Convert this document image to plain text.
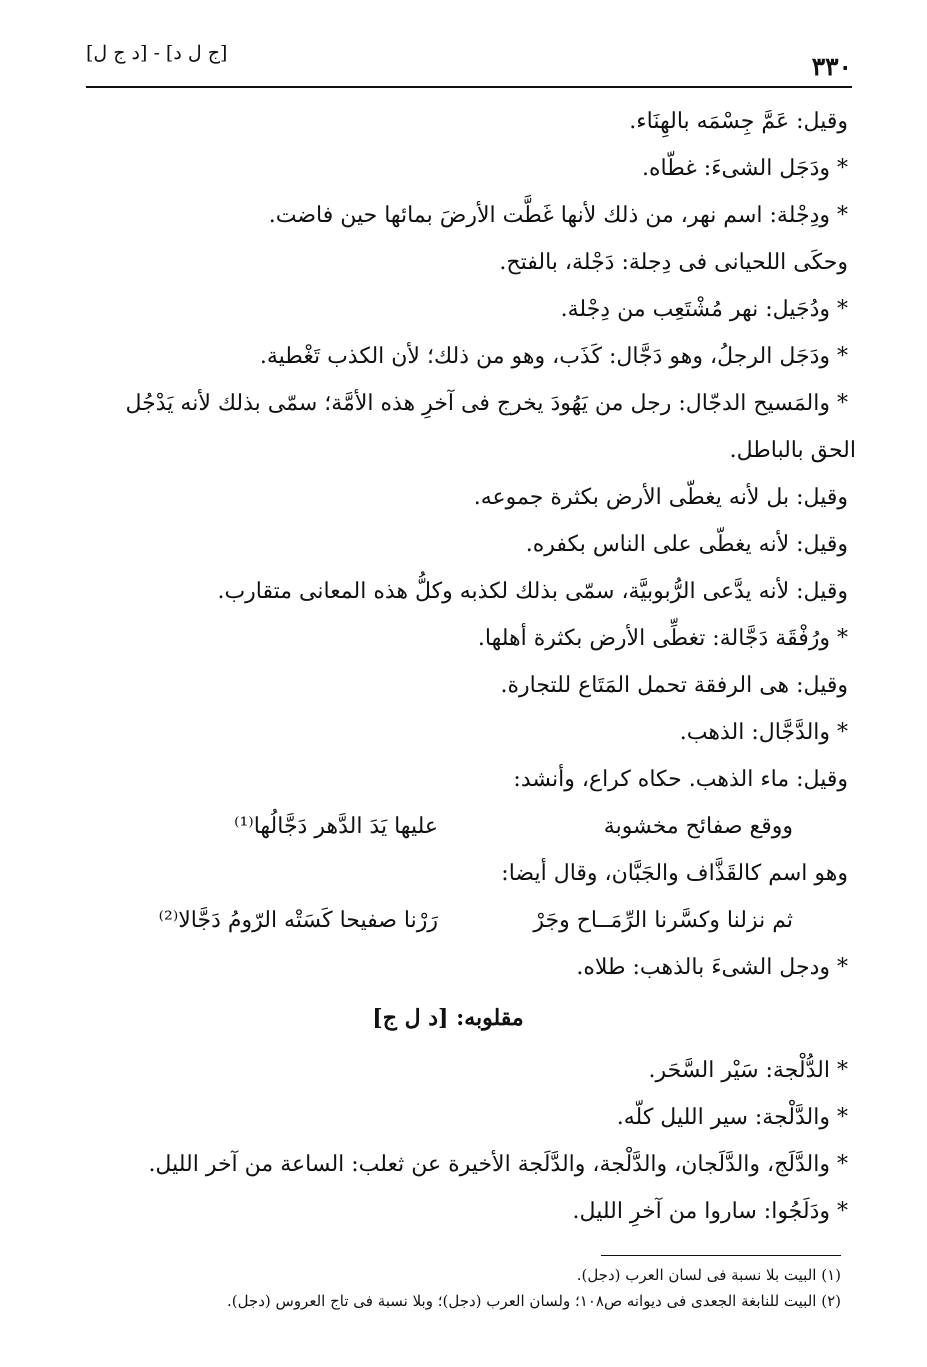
٣٣٠
[ج ل د] - [د ج ل]
وقيل: عَمَّ جِسْمَه بالهِنَاء.
* ودَجَل الشىءَ: غطّاه.
* ودِجْلة: اسم نهر، من ذلك لأنها غَطَّت الأرضَ بمائها حين فاضت.
وحكَى اللحيانى فى دِجلة: دَجْلة، بالفتح.
* ودُجَيل: نهر مُشْتَعِب من دِجْلة.
* ودَجَل الرجلُ، وهو دَجَّال: كَذَب، وهو من ذلك؛ لأن الكذب تَغْطية.
* والمَسيح الدجّال: رجل من يَهُودَ يخرج فى آخرِ هذه الأمَّة؛ سمّى بذلك لأنه يَدْجُل
الحق بالباطل.
وقيل: بل لأنه يغطّى الأرض بكثرة جموعه.
وقيل: لأنه يغطّى على الناس بكفره.
وقيل: لأنه يدَّعى الرُّبوبيَّة، سمّى بذلك لكذبه وكلُّ هذه المعانى متقارب.
* ورُفْقَة دَجَّالة: تغطِّى الأرض بكثرة أهلها.
وقيل: هى الرفقة تحمل المَتَاع للتجارة.
* والدَّجَّال: الذهب.
وقيل: ماء الذهب. حكاه كراع، وأنشد:
ووقع صفائح مخشوبة
عليها يَدَ الدَّهر دَجَّالُها⁽¹⁾
وهو اسم كالقَذَّاف والجَبَّان، وقال أيضا:
ثم نزلنا وكسَّرنا الرِّمَــاح وجَرْ
رَرْنا صفيحا كَسَتْه الرّومُ دَجَّالا⁽²⁾
* ودجل الشىءَ بالذهب: طلاه.
مقلوبه: [د ل ج]
* الدُّلْجة: سَيْر السَّحَر.
* والدَّلْجة: سير الليل كلّه.
* والدَّلَج، والدَّلَجان، والدَّلْجة، والدَّلَجة الأخيرة عن ثعلب: الساعة من آخر الليل.
* ودَلَجُوا: ساروا من آخرِ الليل.
(١) البيت بلا نسبة فى لسان العرب (دجل).
(٢) البيت للنابغة الجعدى فى ديوانه ص١٠٨؛ ولسان العرب (دجل)؛ وبلا نسبة فى تاج العروس (دجل).
